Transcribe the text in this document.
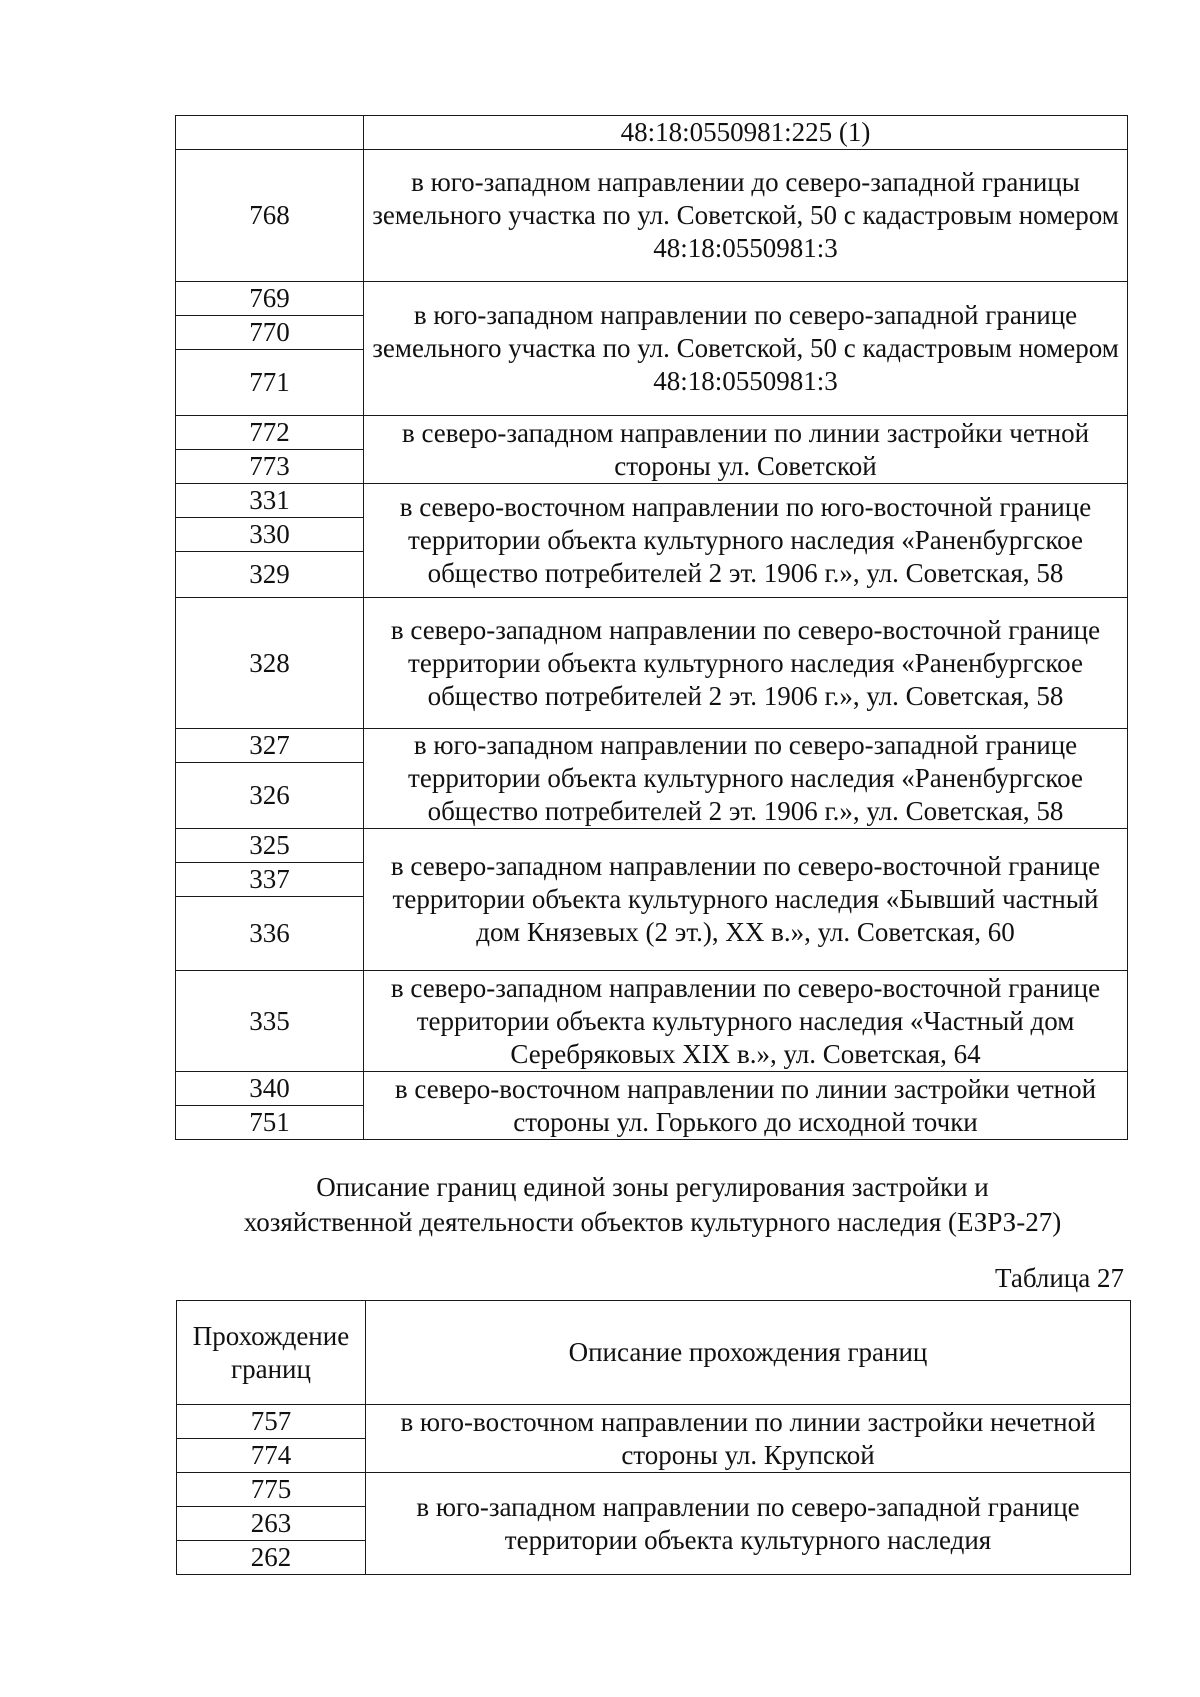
	48:18:0550981:225 (1)
768	в юго-западном направлении до северо-западной границы земельного участка по ул. Советской, 50 с кадастровым номером 48:18:0550981:3
769	в юго-западном направлении по северо-западной границе земельного участка по ул. Советской, 50 с кадастровым номером 48:18:0550981:3
770	
771	
772	в северо-западном направлении по линии застройки четной стороны ул. Советской
773	
331	в северо-восточном направлении по юго-восточной границе территории объекта культурного наследия «Раненбургское общество потребителей 2 эт. 1906 г.», ул. Советская, 58
330	
329	
328	в северо-западном направлении по северо-восточной границе территории объекта культурного наследия «Раненбургское общество потребителей 2 эт. 1906 г.», ул. Советская, 58
327	в юго-западном направлении по северо-западной границе территории объекта культурного наследия «Раненбургское общество потребителей 2 эт. 1906 г.», ул. Советская, 58
326	
325	в северо-западном направлении по северо-восточной границе территории объекта культурного наследия «Бывший частный дом Князевых (2 эт.), XX в.», ул. Советская, 60
337	
336	
335	в северо-западном направлении по северо-восточной границе территории объекта культурного наследия «Частный дом Серебряковых XIX в.», ул. Советская, 64
340	в северо-восточном направлении по линии застройки четной стороны ул. Горького до исходной точки
751	
Описание границ единой зоны регулирования застройки и
хозяйственной деятельности объектов культурного наследия (ЕЗРЗ-27)
Таблица 27
Прохождение границ	Описание прохождения границ
757	в юго-восточном направлении по линии застройки нечетной стороны ул. Крупской
774	
775	в юго-западном направлении по северо-западной границе территории объекта культурного наследия
263	
262	
